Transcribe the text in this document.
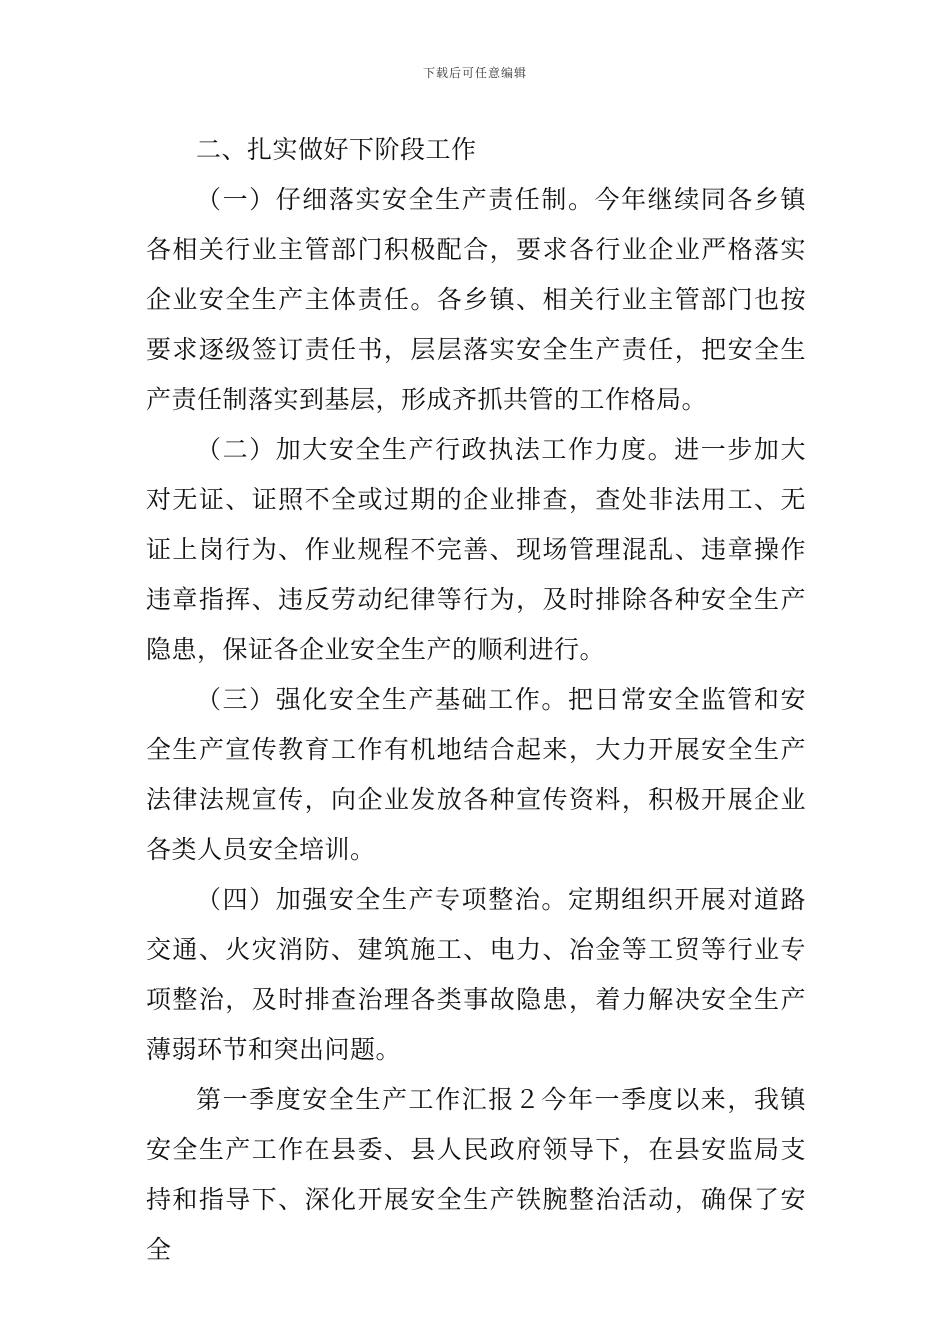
下载后可任意编辑

二、扎实做好下阶段工作

（一）仔细落实安全生产责任制。今年继续同各乡镇各相关行业主管部门积极配合，要求各行业企业严格落实企业安全生产主体责任。各乡镇、相关行业主管部门也按要求逐级签订责任书，层层落实安全生产责任，把安全生产责任制落实到基层，形成齐抓共管的工作格局。

（二）加大安全生产行政执法工作力度。进一步加大对无证、证照不全或过期的企业排查，查处非法用工、无证上岗行为、作业规程不完善、现场管理混乱、违章操作违章指挥、违反劳动纪律等行为，及时排除各种安全生产隐患，保证各企业安全生产的顺利进行。

（三）强化安全生产基础工作。把日常安全监管和安全生产宣传教育工作有机地结合起来，大力开展安全生产法律法规宣传，向企业发放各种宣传资料，积极开展企业各类人员安全培训。

（四）加强安全生产专项整治。定期组织开展对道路交通、火灾消防、建筑施工、电力、冶金等工贸等行业专项整治，及时排查治理各类事故隐患，着力解决安全生产薄弱环节和突出问题。

第一季度安全生产工作汇报２今年一季度以来，我镇安全生产工作在县委、县人民政府领导下，在县安监局支持和指导下、深化开展安全生产铁腕整治活动，确保了安全
